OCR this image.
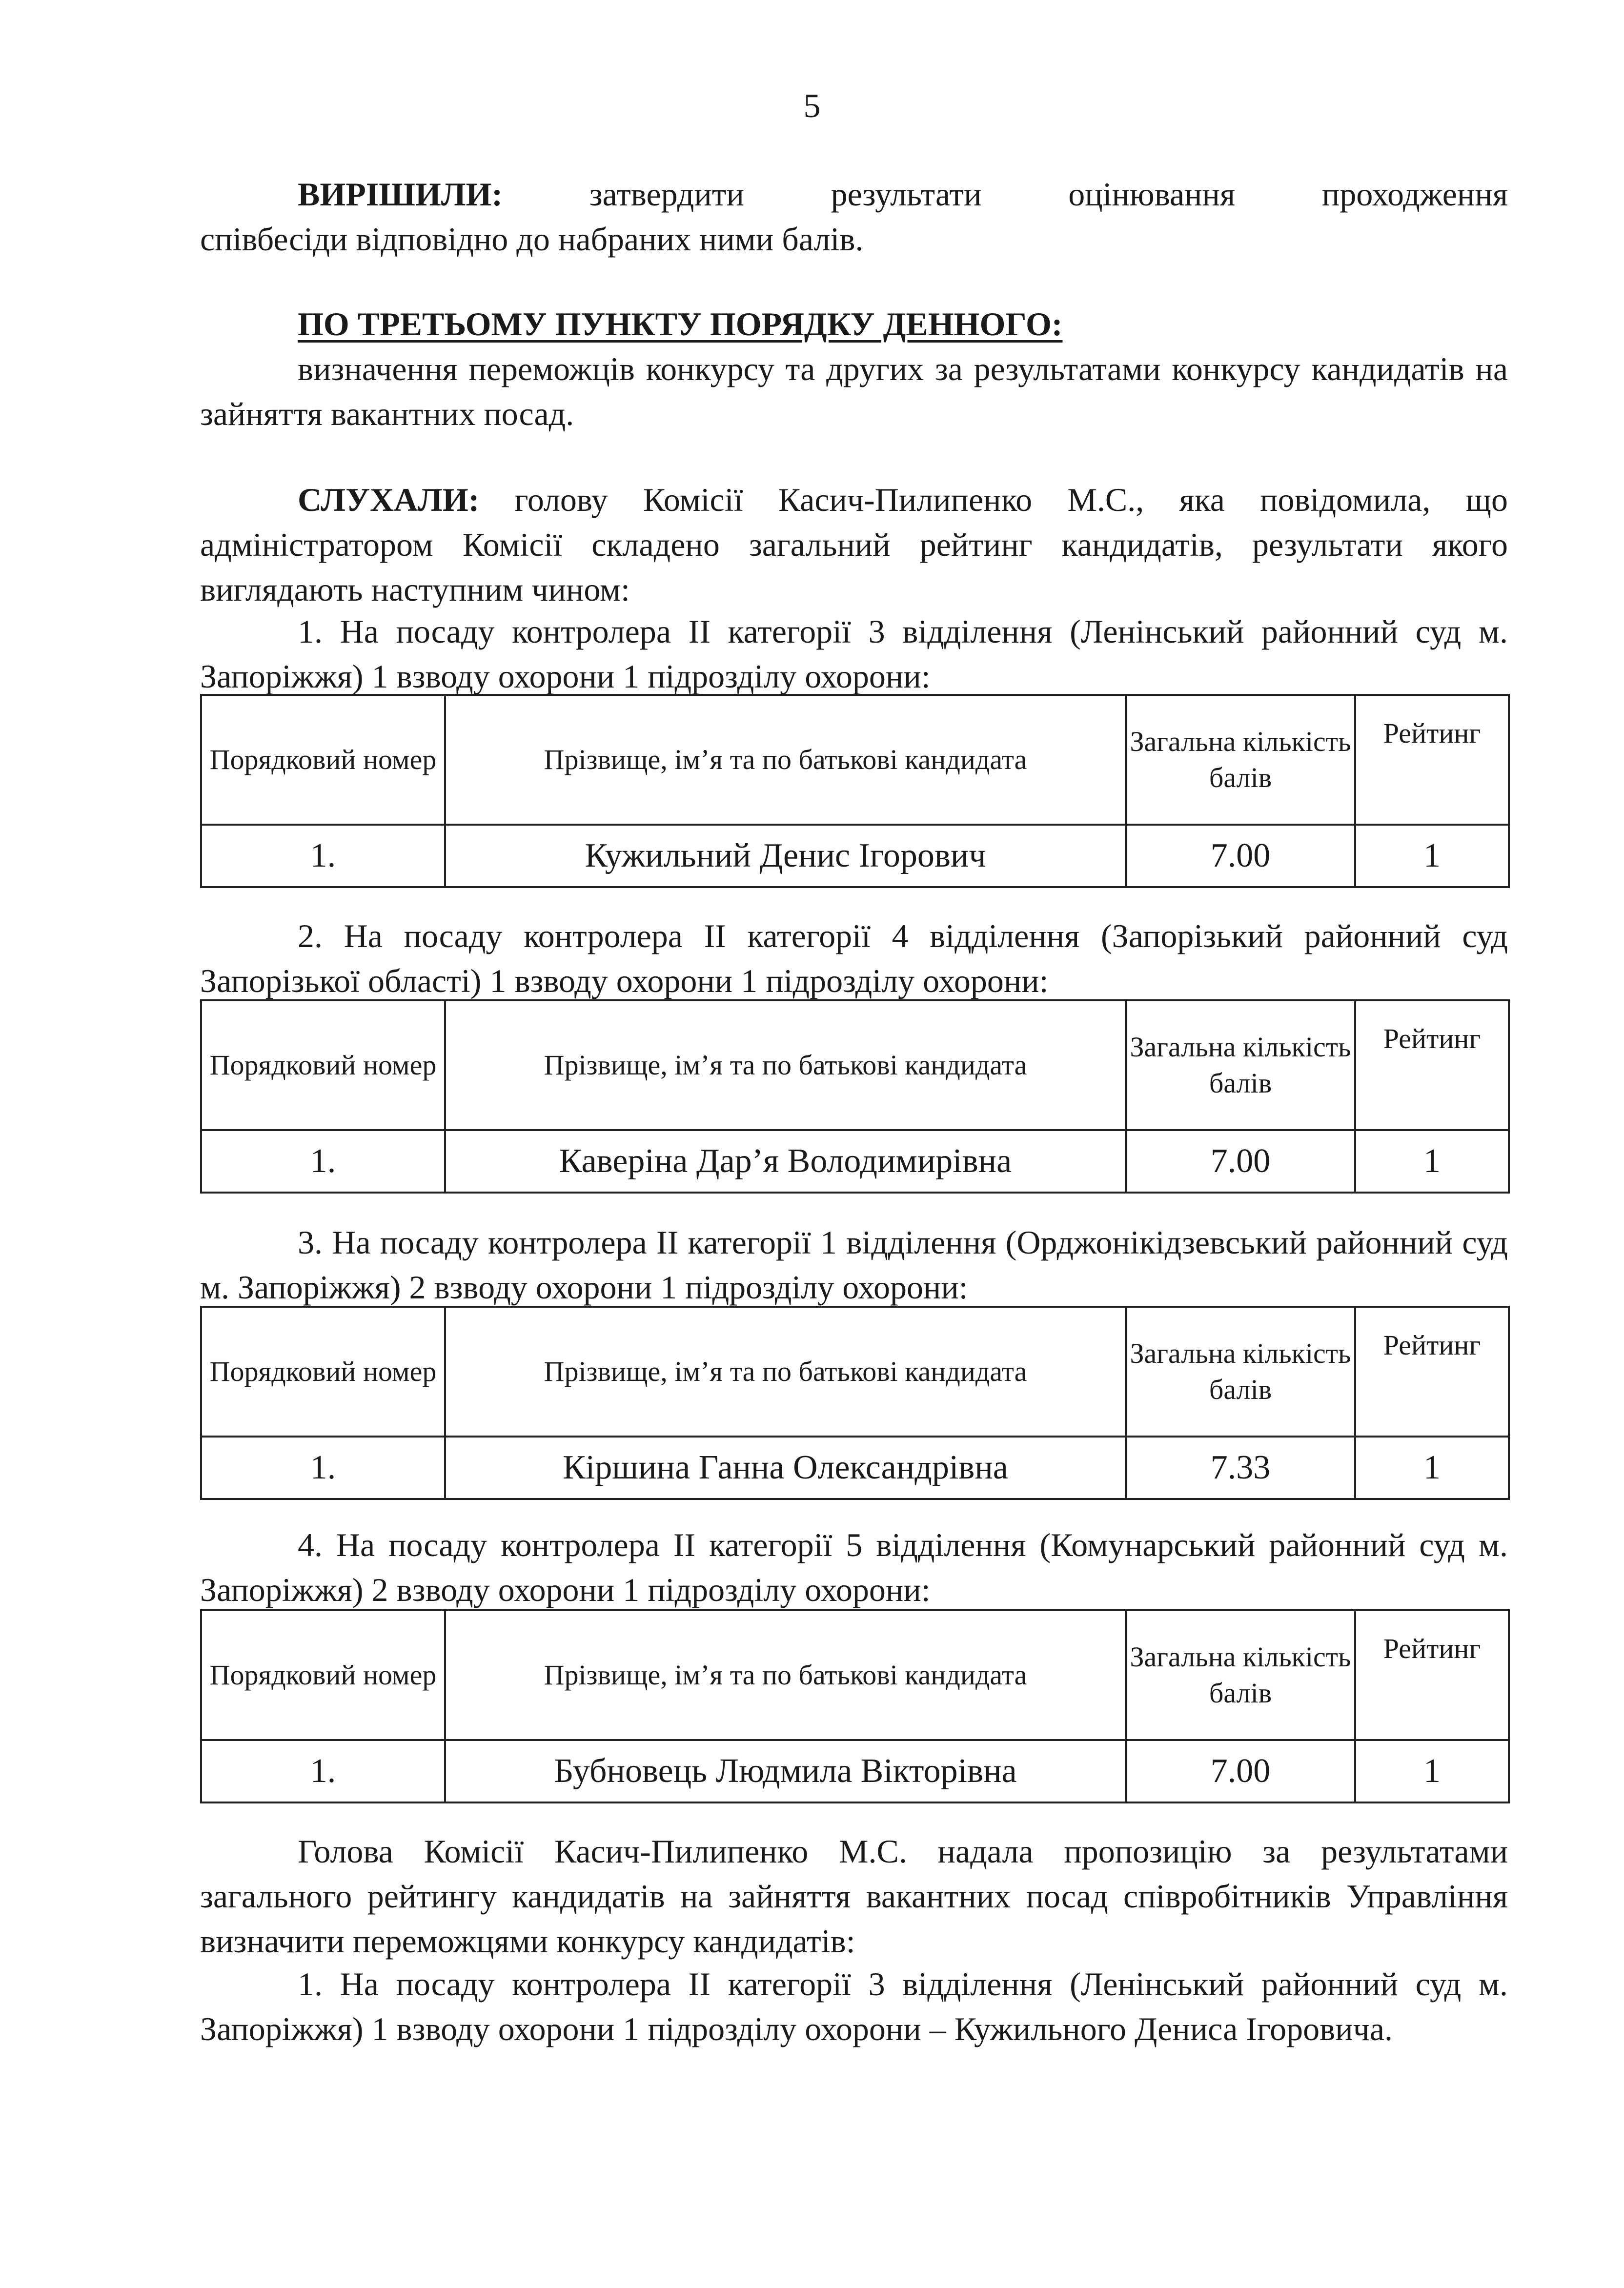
5
ВИРІШИЛИ:	затвердити результати оцінювання проходження
співбесіди відповідно до набраних ними балів.
ПО ТРЕТЬОМУ ПУНКТУ ПОРЯДКУ ДЕННОГО:
визначення переможців конкурсу та других за результатами конкурсу кандидатів на зайняття вакантних посад.
СЛУХАЛИ: голову Комісії Касич-Пилипенко М.С., яка повідомила, що адміністратором Комісії складено загальний рейтинг кандидатів, результати якого виглядають наступним чином:
1. На посаду контролера ІІ категорії 3 відділення (Ленінський районний суд м. Запоріжжя) 1 взводу охорони 1 підрозділу охорони:
Порядковий номер	Прізвище, ім’я та по батькові кандидата	Загальна кількість балів	Рейтинг
1.	Кужильний Денис Ігорович	7.00	1
2. На посаду контролера ІІ категорії 4 відділення (Запорізький районний суд Запорізької області) 1 взводу охорони 1 підрозділу охорони:
Порядковий номер	Прізвище, ім’я та по батькові кандидата	Загальна кількість балів	Рейтинг
1.	Каверіна Дар’я Володимирівна	7.00	1
3. На посаду контролера ІІ категорії 1 відділення (Орджонікідзевський районний суд м. Запоріжжя) 2 взводу охорони 1 підрозділу охорони:
Порядковий номер	Прізвище, ім’я та по батькові кандидата	Загальна кількість балів	Рейтинг
1.	Кіршина Ганна Олександрівна	7.33	1
4. На посаду контролера ІІ категорії 5 відділення (Комунарський районний суд м. Запоріжжя) 2 взводу охорони 1 підрозділу охорони:
Порядковий номер	Прізвище, ім’я та по батькові кандидата	Загальна кількість балів	Рейтинг
1.	Бубновець Людмила Вікторівна	7.00	1
Голова Комісії Касич-Пилипенко М.С. надала пропозицію за результатами загального рейтингу кандидатів на зайняття вакантних посад співробітників Управління визначити переможцями конкурсу кандидатів:
1. На посаду контролера ІІ категорії 3 відділення (Ленінський районний суд м. Запоріжжя) 1 взводу охорони 1 підрозділу охорони – Кужильного Дениса Ігоровича.
